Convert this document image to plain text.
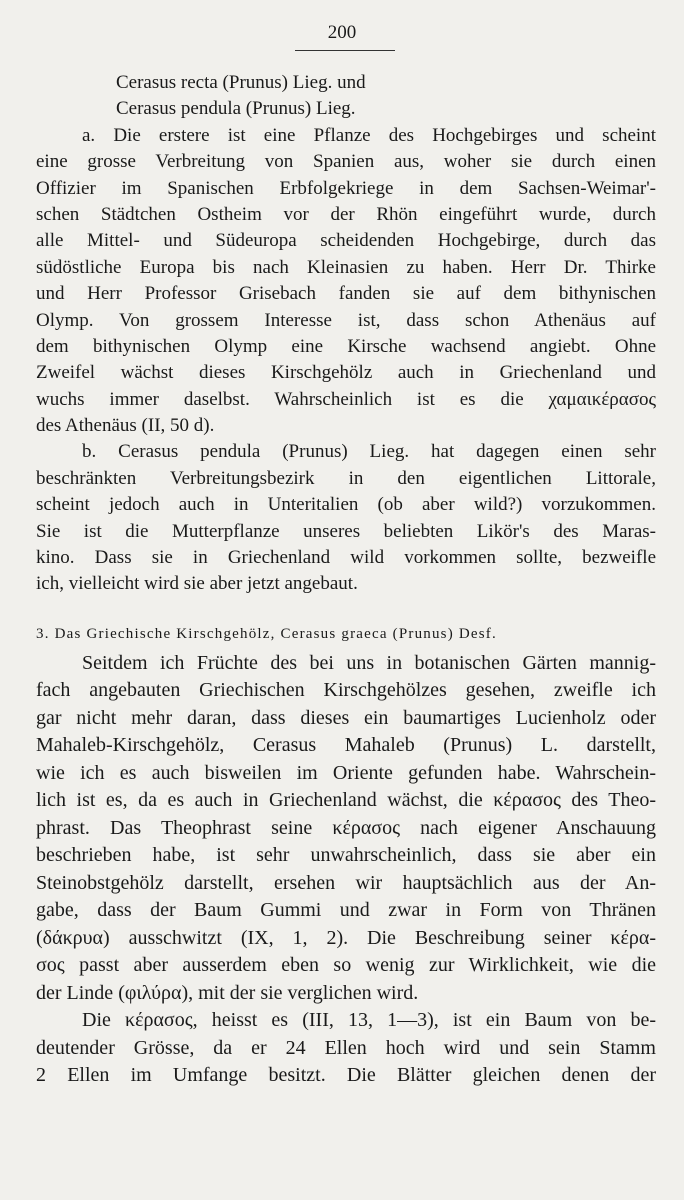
200
Cerasus recta (Prunus) Lieg. und
Cerasus pendula (Prunus) Lieg.
a. Die erstere ist eine Pflanze des Hochgebirges und scheint
eine grosse Verbreitung von Spanien aus, woher sie durch einen
Offizier im Spanischen Erbfolgekriege in dem Sachsen-Weimar'-
schen Städtchen Ostheim vor der Rhön eingeführt wurde, durch
alle Mittel- und Südeuropa scheidenden Hochgebirge, durch das
südöstliche Europa bis nach Kleinasien zu haben. Herr Dr. Thirke
und Herr Professor Grisebach fanden sie auf dem bithynischen
Olymp. Von grossem Interesse ist, dass schon Athenäus auf
dem bithynischen Olymp eine Kirsche wachsend angiebt. Ohne
Zweifel wächst dieses Kirschgehölz auch in Griechenland und
wuchs immer daselbst. Wahrscheinlich ist es die χαμαικέρασος
des Athenäus (II, 50 d).
b. Cerasus pendula (Prunus) Lieg. hat dagegen einen sehr
beschränkten Verbreitungsbezirk in den eigentlichen Littorale,
scheint jedoch auch in Unteritalien (ob aber wild?) vorzukommen.
Sie ist die Mutterpflanze unseres beliebten Likör's des Maras-
kino. Dass sie in Griechenland wild vorkommen sollte, bezweifle
ich, vielleicht wird sie aber jetzt angebaut.
3. Das Griechische Kirschgehölz, Cerasus graeca (Prunus) Desf.
Seitdem ich Früchte des bei uns in botanischen Gärten mannig-
fach angebauten Griechischen Kirschgehölzes gesehen, zweifle ich
gar nicht mehr daran, dass dieses ein baumartiges Lucienholz oder
Mahaleb-Kirschgehölz, Cerasus Mahaleb (Prunus) L. darstellt,
wie ich es auch bisweilen im Oriente gefunden habe. Wahrschein-
lich ist es, da es auch in Griechenland wächst, die κέρασος des Theo-
phrast. Das Theophrast seine κέρασος nach eigener Anschauung
beschrieben habe, ist sehr unwahrscheinlich, dass sie aber ein
Steinobstgehölz darstellt, ersehen wir hauptsächlich aus der An-
gabe, dass der Baum Gummi und zwar in Form von Thränen
(δάκρυα) ausschwitzt (IX, 1, 2). Die Beschreibung seiner κέρα-
σος passt aber ausserdem eben so wenig zur Wirklichkeit, wie die
der Linde (φιλύρα), mit der sie verglichen wird.
Die κέρασος, heisst es (III, 13, 1—3), ist ein Baum von be-
deutender Grösse, da er 24 Ellen hoch wird und sein Stamm
2 Ellen im Umfange besitzt. Die Blätter gleichen denen der
